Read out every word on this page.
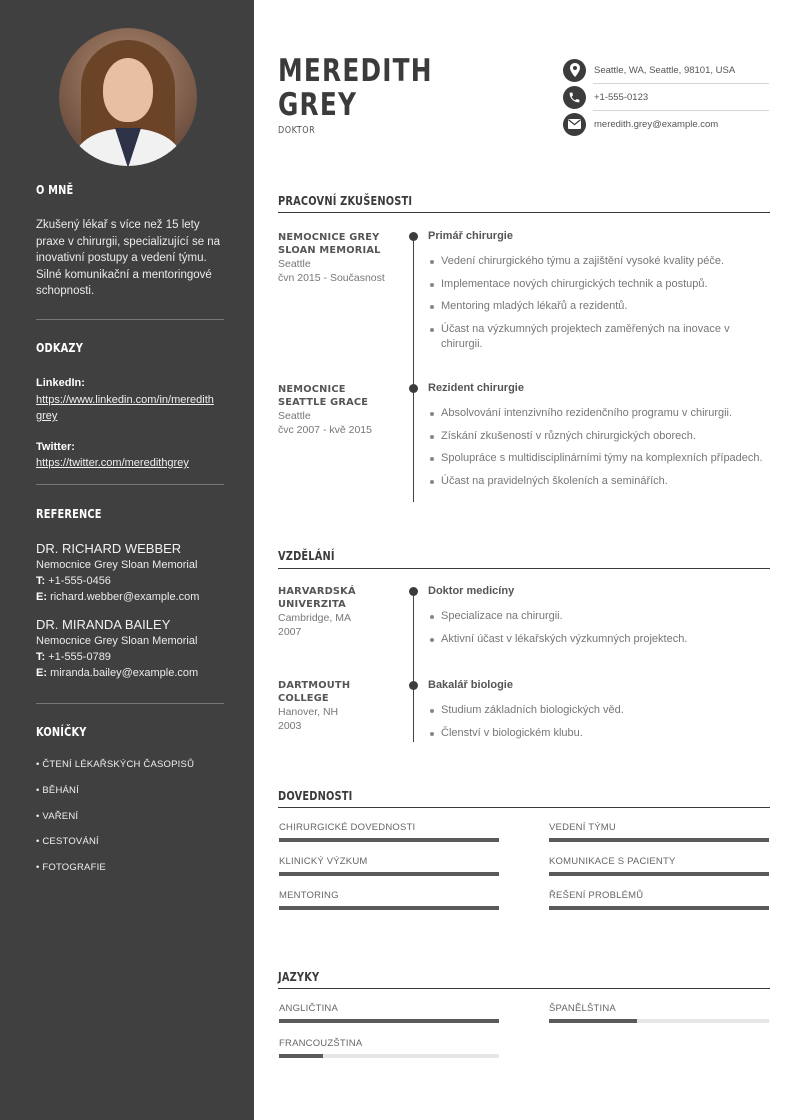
O MNĚ
Zkušený lékař s více než 15 lety praxe v chirurgii, specializující se na inovativní postupy a vedení týmu. Silné komunikační a mentoringové schopnosti.
ODKAZY
LinkedIn:
https://www.linkedin.com/in/meredithgrey
Twitter:
https://twitter.com/meredithgrey
REFERENCE
DR. RICHARD WEBBER
Nemocnice Grey Sloan Memorial
T: +1-555-0456
E: richard.webber@example.com
DR. MIRANDA BAILEY
Nemocnice Grey Sloan Memorial
T: +1-555-0789
E: miranda.bailey@example.com
KONÍČKY
• ČTENÍ LÉKAŘSKÝCH ČASOPISŮ
• BĚHÁNÍ
• VAŘENÍ
• CESTOVÁNÍ
• FOTOGRAFIE
MEREDITH
GREY
DOKTOR
Seattle, WA, Seattle, 98101, USA
+1-555-0123
meredith.grey@example.com
PRACOVNÍ ZKUŠENOSTI
NEMOCNICE GREY
SLOAN MEMORIAL
Seattle
čvn 2015 - Současnost
Primář chirurgie
Vedení chirurgického týmu a zajištění vysoké kvality péče.
Implementace nových chirurgických technik a postupů.
Mentoring mladých lékařů a rezidentů.
Účast na výzkumných projektech zaměřených na inovace v chirurgii.
NEMOCNICE
SEATTLE GRACE
Seattle
čvc 2007 - kvě 2015
Rezident chirurgie
Absolvování intenzivního rezidenčního programu v chirurgii.
Získání zkušeností v různých chirurgických oborech.
Spolupráce s multidisciplinárními týmy na komplexních případech.
Účast na pravidelných školeních a seminářích.
VZDĚLÁNÍ
HARVARDSKÁ
UNIVERZITA
Cambridge, MA
2007
Doktor medicíny
Specializace na chirurgii.
Aktivní účast v lékařských výzkumných projektech.
DARTMOUTH
COLLEGE
Hanover, NH
2003
Bakalář biologie
Studium základních biologických věd.
Členství v biologickém klubu.
DOVEDNOSTI
CHIRURGICKÉ DOVEDNOSTI	VEDENÍ TÝMU
KLINICKÝ VÝZKUM	KOMUNIKACE S PACIENTY
MENTORING	ŘEŠENÍ PROBLÉMŮ
JAZYKY
ANGLIČTINA	ŠPANĚLŠTINA
FRANCOUZŠTINA
